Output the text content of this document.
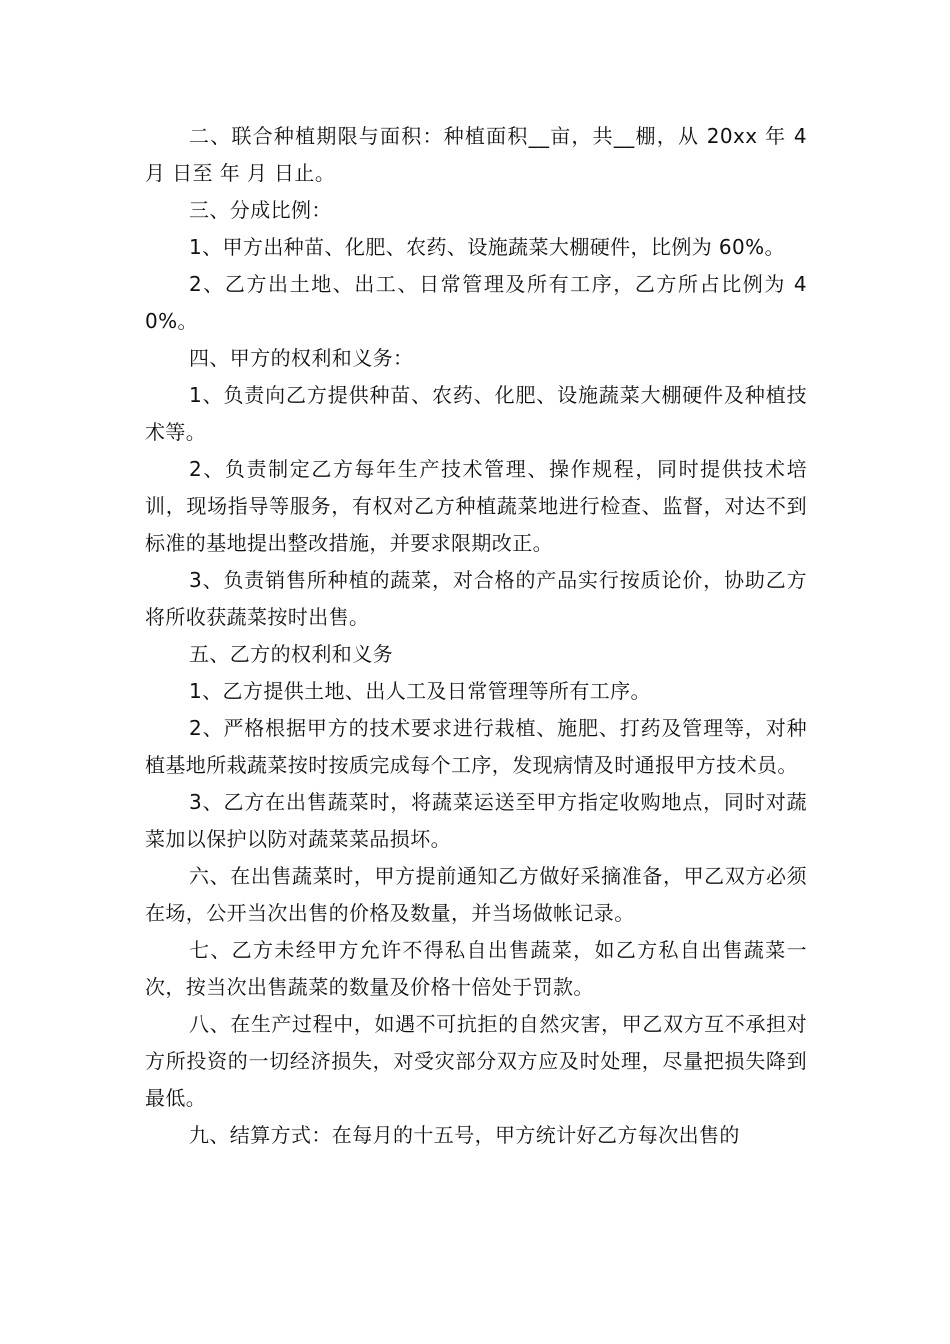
二、联合种植期限与面积：种植面积__亩，共__棚，从 20xx 年 4 月 日至 年 月 日止。

三、分成比例：

1、甲方出种苗、化肥、农药、设施蔬菜大棚硬件，比例为 60%。

2、乙方出土地、出工、日常管理及所有工序，乙方所占比例为 40%。

四、甲方的权利和义务：

1、负责向乙方提供种苗、农药、化肥、设施蔬菜大棚硬件及种植技术等。

2、负责制定乙方每年生产技术管理、操作规程，同时提供技术培训，现场指导等服务，有权对乙方种植蔬菜地进行检查、监督，对达不到标准的基地提出整改措施，并要求限期改正。

3、负责销售所种植的蔬菜，对合格的产品实行按质论价，协助乙方将所收获蔬菜按时出售。

五、乙方的权利和义务

1、乙方提供土地、出人工及日常管理等所有工序。

2、严格根据甲方的技术要求进行栽植、施肥、打药及管理等，对种植基地所栽蔬菜按时按质完成每个工序，发现病情及时通报甲方技术员。

3、乙方在出售蔬菜时，将蔬菜运送至甲方指定收购地点，同时对蔬菜加以保护以防对蔬菜菜品损坏。

六、在出售蔬菜时，甲方提前通知乙方做好采摘准备，甲乙双方必须在场，公开当次出售的价格及数量，并当场做帐记录。

七、乙方未经甲方允许不得私自出售蔬菜，如乙方私自出售蔬菜一次，按当次出售蔬菜的数量及价格十倍处于罚款。

八、在生产过程中，如遇不可抗拒的自然灾害，甲乙双方互不承担对方所投资的一切经济损失，对受灾部分双方应及时处理，尽量把损失降到最低。

九、结算方式：在每月的十五号，甲方统计好乙方每次出售的
